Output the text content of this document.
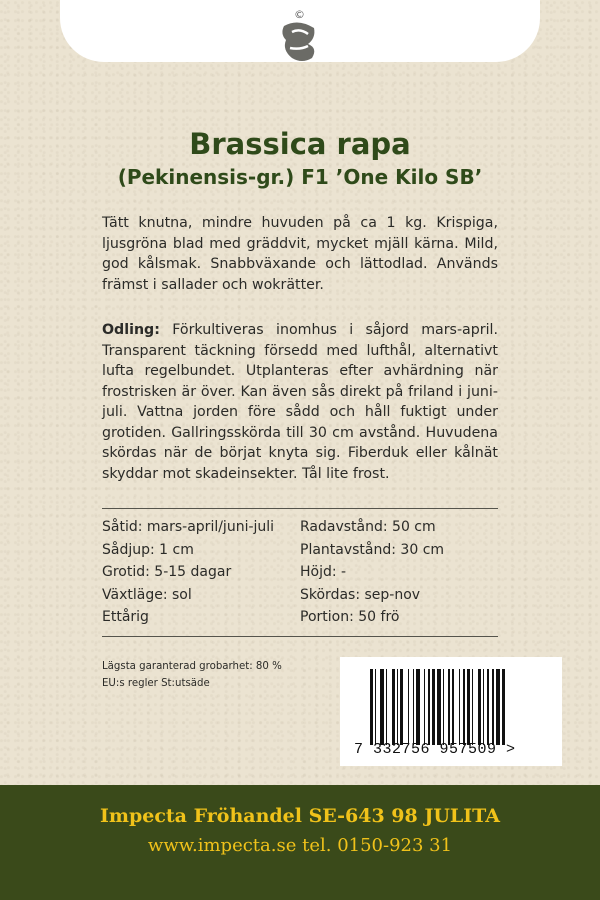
©
Brassica rapa
(Pekinensis-gr.) F1 ’One Kilo SB’
Tätt knutna, mindre huvuden på ca 1 kg. Krispiga, ljusgröna blad med gräddvit, mycket mjäll kärna. Mild, god kålsmak. Snabbväxande och lättodlad. Används främst i sallader och wokrätter.
Odling: Förkultiveras inomhus i såjord mars-april. Transparent täckning försedd med lufthål, alternativt lufta regelbundet. Utplanteras efter avhärdning när frostrisken är över. Kan även sås direkt på friland i juni-juli. Vattna jorden före sådd och håll fuktigt under grotiden. Gallringsskörda till 30 cm avstånd. Huvudena skördas när de börjat knyta sig. Fiberduk eller kålnät skyddar mot skadeinsekter. Tål lite frost.
Såtid: mars-april/juni-juli
Sådjup: 1 cm
Grotid: 5-15 dagar
Växtläge: sol
Ettårig
Radavstånd: 50 cm
Plantavstånd: 30 cm
Höjd: -
Skördas: sep-nov
Portion: 50 frö
Lägsta garanterad grobarhet: 80 %
EU:s regler St:utsäde
7 332756 957509 >
Impecta Fröhandel SE-643 98 JULITA
www.impecta.se tel. 0150-923 31
